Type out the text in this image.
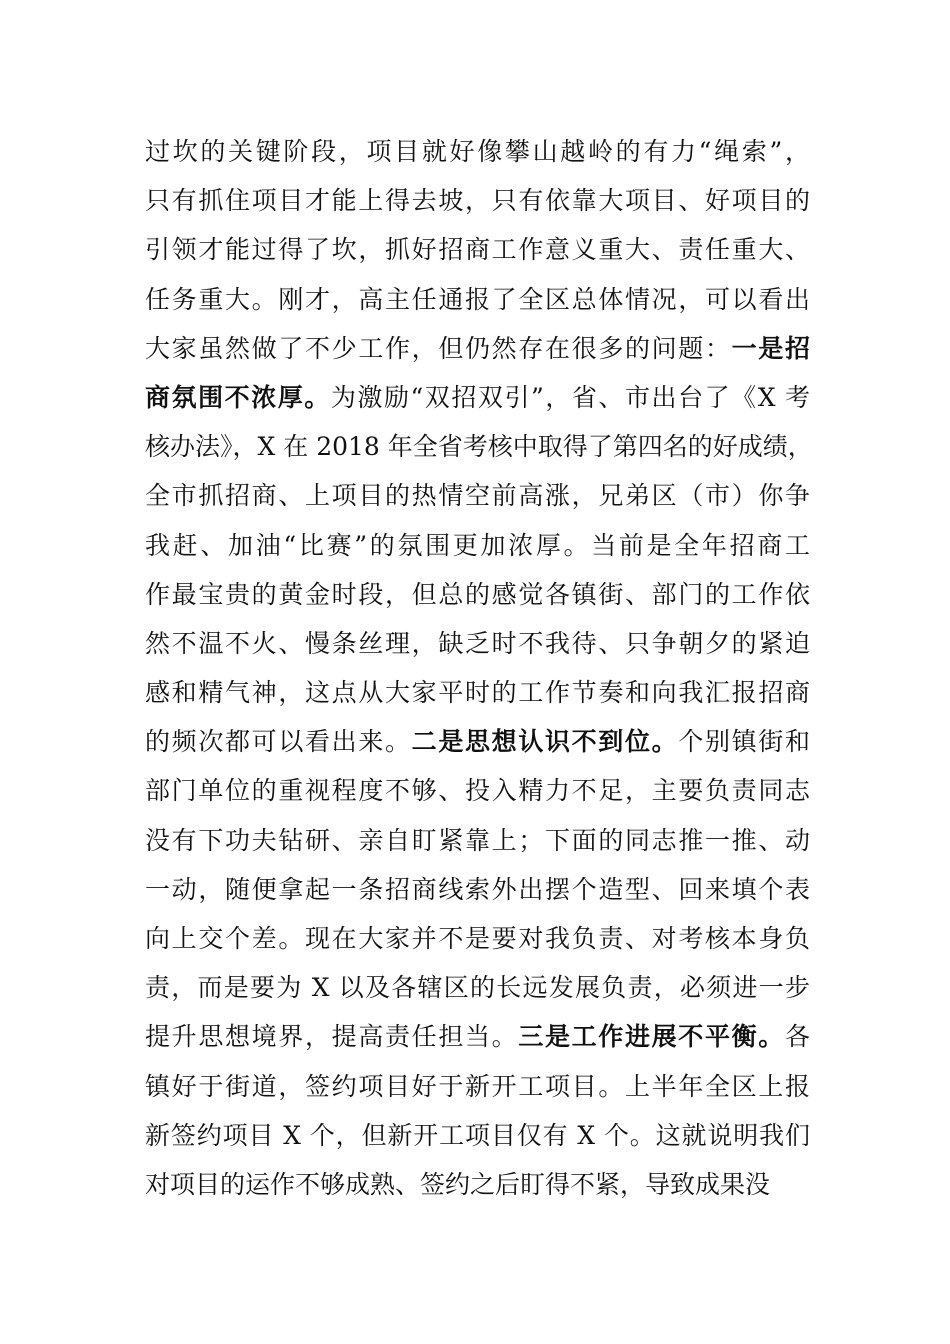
过坎的关键阶段，项目就好像攀山越岭的有力“绳索”，
只有抓住项目才能上得去坡，只有依靠大项目、好项目的
引领才能过得了坎，抓好招商工作意义重大、责任重大、
任务重大。刚才，高主任通报了全区总体情况，可以看出
大家虽然做了不少工作，但仍然存在很多的问题：一是招
商氛围不浓厚。为激励“双招双引”，省、市出台了《X 考
核办法》，X 在 2018 年全省考核中取得了第四名的好成绩，
全市抓招商、上项目的热情空前高涨，兄弟区（市）你争
我赶、加油“比赛”的氛围更加浓厚。当前是全年招商工
作最宝贵的黄金时段，但总的感觉各镇街、部门的工作依
然不温不火、慢条丝理，缺乏时不我待、只争朝夕的紧迫
感和精气神，这点从大家平时的工作节奏和向我汇报招商
的频次都可以看出来。二是思想认识不到位。个别镇街和
部门单位的重视程度不够、投入精力不足，主要负责同志
没有下功夫钻研、亲自盯紧靠上；下面的同志推一推、动
一动，随便拿起一条招商线索外出摆个造型、回来填个表
向上交个差。现在大家并不是要对我负责、对考核本身负
责，而是要为 X 以及各辖区的长远发展负责，必须进一步
提升思想境界，提高责任担当。三是工作进展不平衡。各
镇好于街道，签约项目好于新开工项目。上半年全区上报
新签约项目 X 个，但新开工项目仅有 X 个。这就说明我们
对项目的运作不够成熟、签约之后盯得不紧，导致成果没
